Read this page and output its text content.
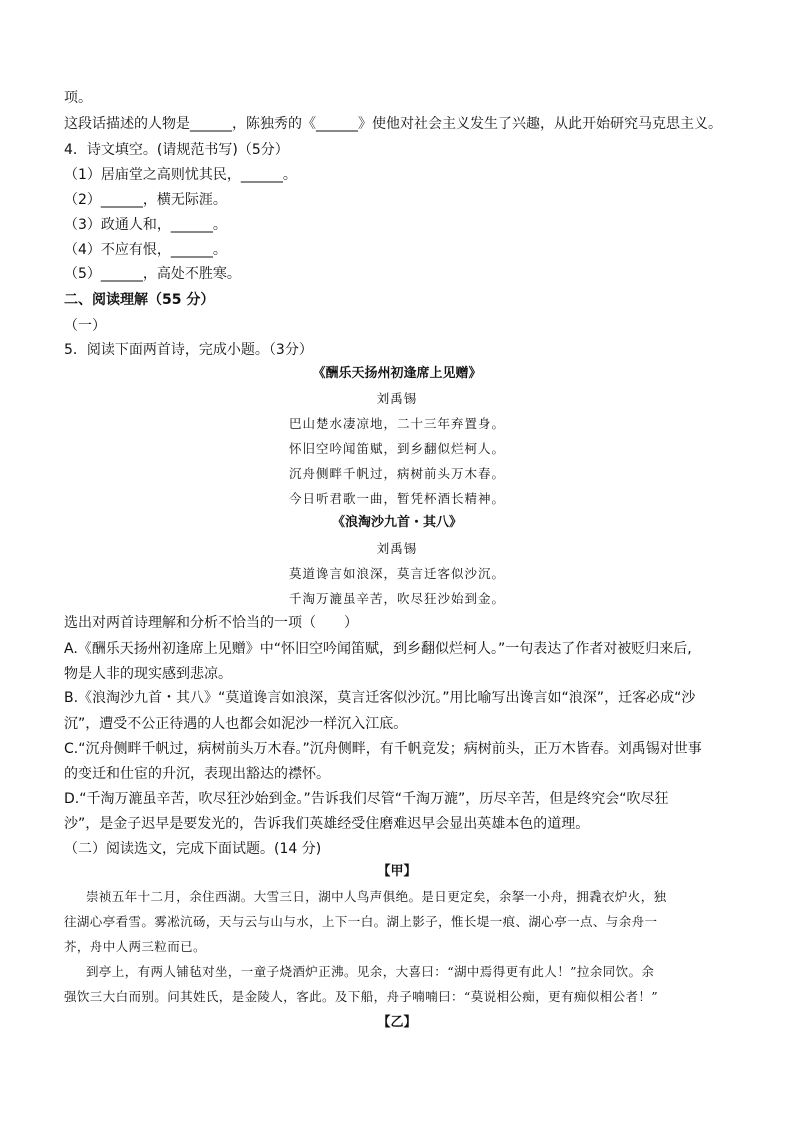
项。
这段话描述的人物是______，陈独秀的《______》使他对社会主义发生了兴趣，从此开始研究马克思主义。
4．诗文填空。(请规范书写)（5分）
（1）居庙堂之高则忧其民，______。
（2）______，横无际涯。
（3）政通人和，______。
（4）不应有恨，______。
（5）______，高处不胜寒。
二、阅读理解（55 分）
（一）
5．阅读下面两首诗，完成小题。（3分）
《酬乐天扬州初逢席上见赠》
刘禹锡
巴山楚水凄凉地，二十三年弃置身。
怀旧空吟闻笛赋，到乡翻似烂柯人。
沉舟侧畔千帆过，病树前头万木春。
今日听君歌一曲，暂凭杯酒长精神。
《浪淘沙九首・其八》
刘禹锡
莫道谗言如浪深，莫言迁客似沙沉。
千淘万漉虽辛苦，吹尽狂沙始到金。
选出对两首诗理解和分析不恰当的一项（　　）
A.《酬乐天扬州初逢席上见赠》中“怀旧空吟闻笛赋，到乡翻似烂柯人。”一句表达了作者对被贬归来后,
物是人非的现实感到悲凉。
B.《浪淘沙九首・其八》“莫道谗言如浪深，莫言迁客似沙沉。”用比喻写出谗言如“浪深”，迁客必成“沙
沉”，遭受不公正待遇的人也都会如泥沙一样沉入江底。
C.“沉舟侧畔千帆过，病树前头万木春。”沉舟侧畔，有千帆竞发；病树前头，正万木皆春。刘禹锡对世事
的变迁和仕宦的升沉，表现出豁达的襟怀。
D.“千淘万漉虽辛苦，吹尽狂沙始到金。”告诉我们尽管“千淘万漉”，历尽辛苦，但是终究会“吹尽狂
沙”，是金子迟早是要发光的，告诉我们英雄经受住磨难迟早会显出英雄本色的道理。
（二）阅读选文，完成下面试题。(14 分)
【甲】
崇祯五年十二月，余住西湖。大雪三日，湖中人鸟声俱绝。是日更定矣，余拏一小舟，拥毳衣炉火，独
往湖心亭看雪。雾凇沆砀，天与云与山与水，上下一白。湖上影子，惟长堤一痕、湖心亭一点、与余舟一
芥，舟中人两三粒而已。
到亭上，有两人铺毡对坐，一童子烧酒炉正沸。见余，大喜曰：“湖中焉得更有此人！”拉余同饮。余
强饮三大白而别。问其姓氏，是金陵人，客此。及下船，舟子喃喃曰：“莫说相公痴，更有痴似相公者！”
【乙】
